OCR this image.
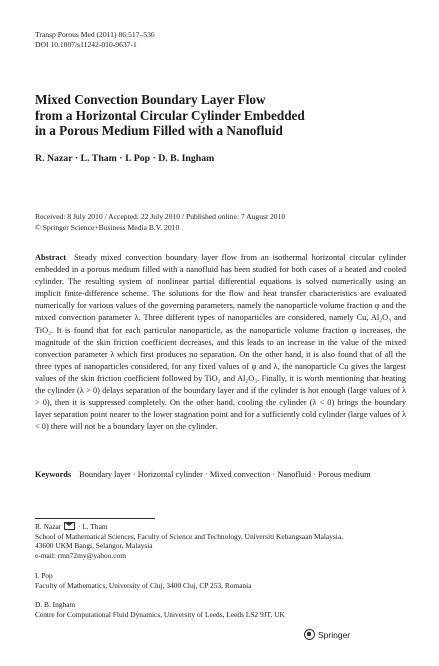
Transp Porous Med (2011) 86:517–536
DOI 10.1007/s11242-010-9637-1
Mixed Convection Boundary Layer Flow
from a Horizontal Circular Cylinder Embedded
in a Porous Medium Filled with a Nanofluid
R. Nazar · L. Tham · I. Pop · D. B. Ingham
Received: 8 July 2010 / Accepted: 22 July 2010 / Published online: 7 August 2010
© Springer Science+Business Media B.V. 2010
Abstract Steady mixed convection boundary layer flow from an isothermal horizontal circular cylinder embedded in a porous medium filled with a nanofluid has been studied for both cases of a heated and cooled cylinder. The resulting system of nonlinear partial differential equations is solved numerically using an implicit finite-difference scheme. The solutions for the flow and heat transfer characteristics are evaluated numerically for various values of the governing parameters, namely the nanoparticle volume fraction φ and the mixed convection parameter λ. Three different types of nanoparticles are considered, namely Cu, Al₂O₃ and TiO₂. It is found that for each particular nanoparticle, as the nanoparticle volume fraction φ increases, the magnitude of the skin friction coefficient decreases, and this leads to an increase in the value of the mixed convection parameter λ which first produces no separation. On the other hand, it is also found that of all the three types of nanoparticles considered, for any fixed values of φ and λ, the nanoparticle Cu gives the largest values of the skin friction coefficient followed by TiO₂ and Al₂O₃. Finally, it is worth mentioning that heating the cylinder (λ > 0) delays separation of the boundary layer and if the cylinder is hot enough (large values of λ > 0), then it is suppressed completely. On the other hand, cooling the cylinder (λ < 0) brings the boundary layer separation point nearer to the lower stagnation point and for a sufficiently cold cylinder (large values of λ < 0) there will not be a boundary layer on the cylinder.
Keywords Boundary layer · Horizontal cylinder · Mixed convection · Nanofluid · Porous medium
R. Nazar · L. Tham
School of Mathematical Sciences, Faculty of Science and Technology, Universiti Kebangsaan Malaysia,
43600 UKM Bangi, Selangor, Malaysia
e-mail: rmn72my@yahoo.com
I. Pop
Faculty of Mathematics, University of Cluj, 3400 Cluj, CP 253, Romania
D. B. Ingham
Centre for Computational Fluid Dynamics, University of Leeds, Leeds LS2 9JT, UK
Springer
